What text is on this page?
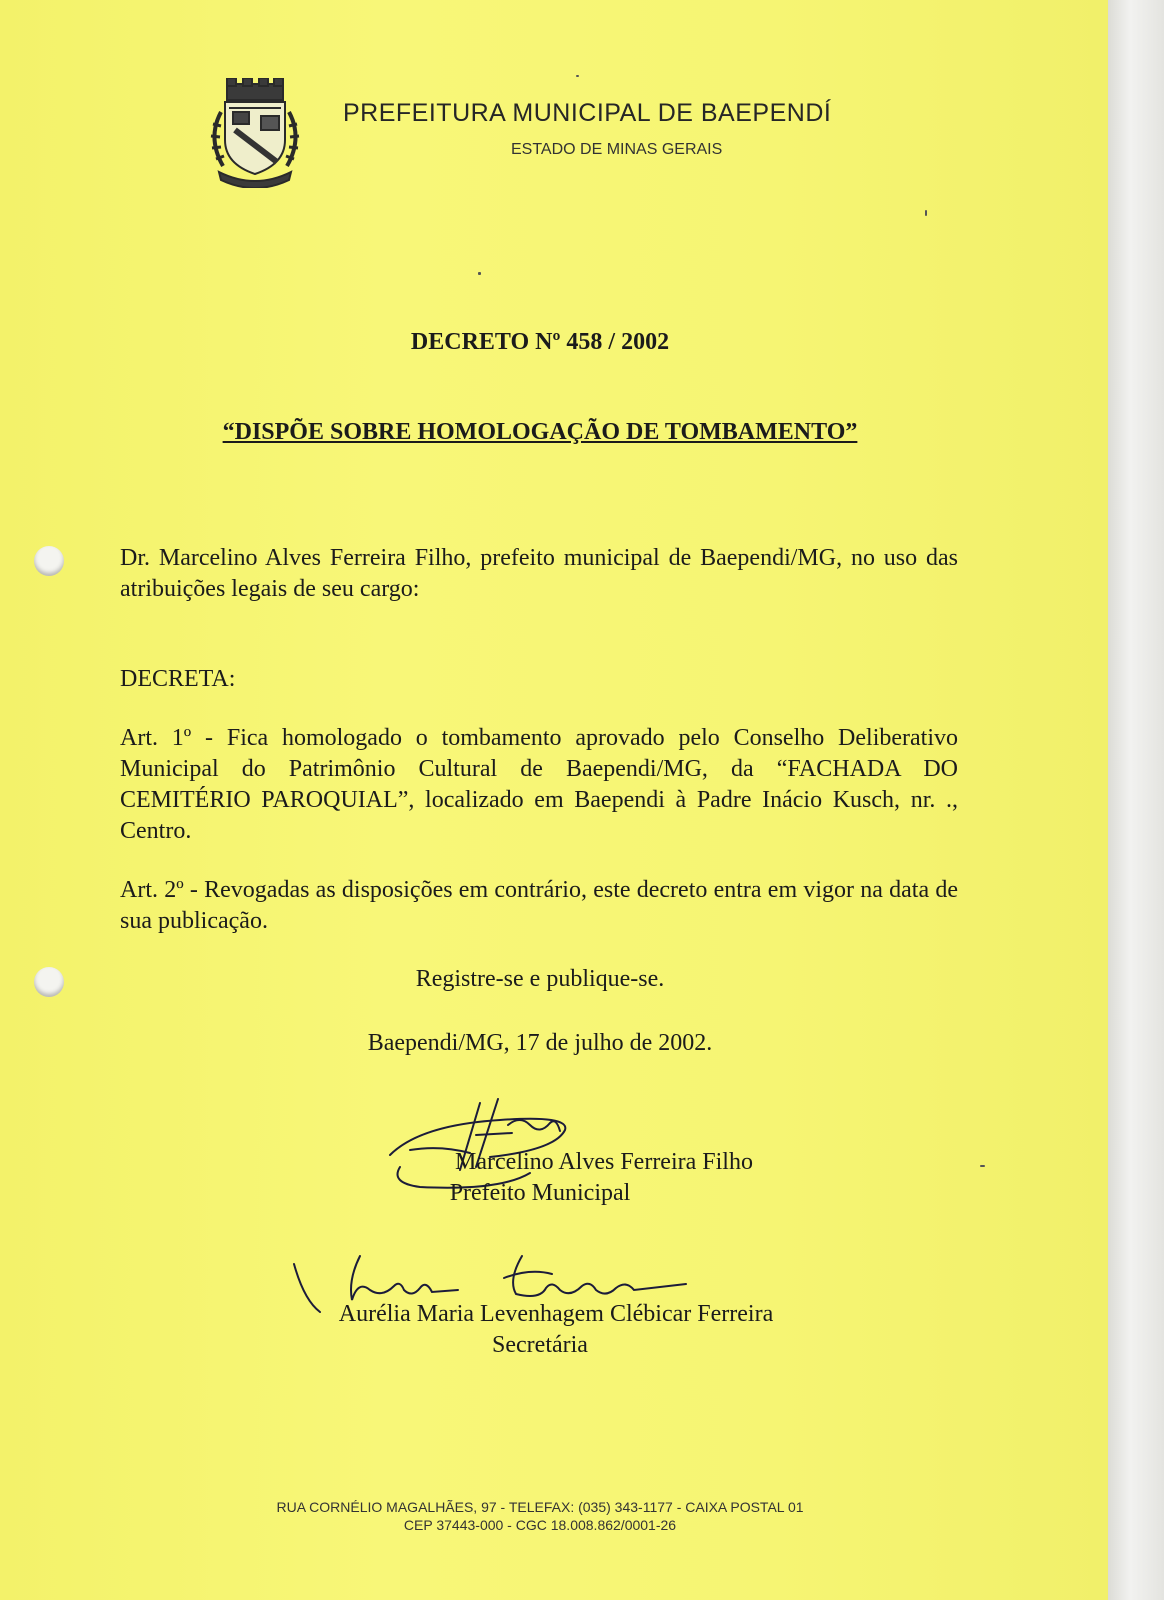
PREFEITURA MUNICIPAL DE BAEPENDÍ
ESTADO DE MINAS GERAIS
DECRETO Nº 458 / 2002
“DISPÕE SOBRE HOMOLOGAÇÃO DE TOMBAMENTO”
Dr. Marcelino Alves Ferreira Filho, prefeito municipal de Baependi/MG, no uso das atribuições legais de seu cargo:
DECRETA:
Art. 1º - Fica homologado o tombamento aprovado pelo Conselho Deliberativo Municipal do Patrimônio Cultural de Baependi/MG, da “FACHADA DO CEMITÉRIO PAROQUIAL”, localizado em Baependi à Padre Inácio Kusch, nr. ., Centro.
Art. 2º - Revogadas as disposições em contrário, este decreto entra em vigor na data de sua publicação.
Registre-se e publique-se.
Baependi/MG, 17 de julho de 2002.
Marcelino Alves Ferreira Filho
Prefeito Municipal
Aurélia Maria Levenhagem Clébicar Ferreira
Secretária
RUA CORNÉLIO MAGALHÃES, 97 - TELEFAX: (035) 343-1177 - CAIXA POSTAL 01
CEP 37443-000 - CGC 18.008.862/0001-26
